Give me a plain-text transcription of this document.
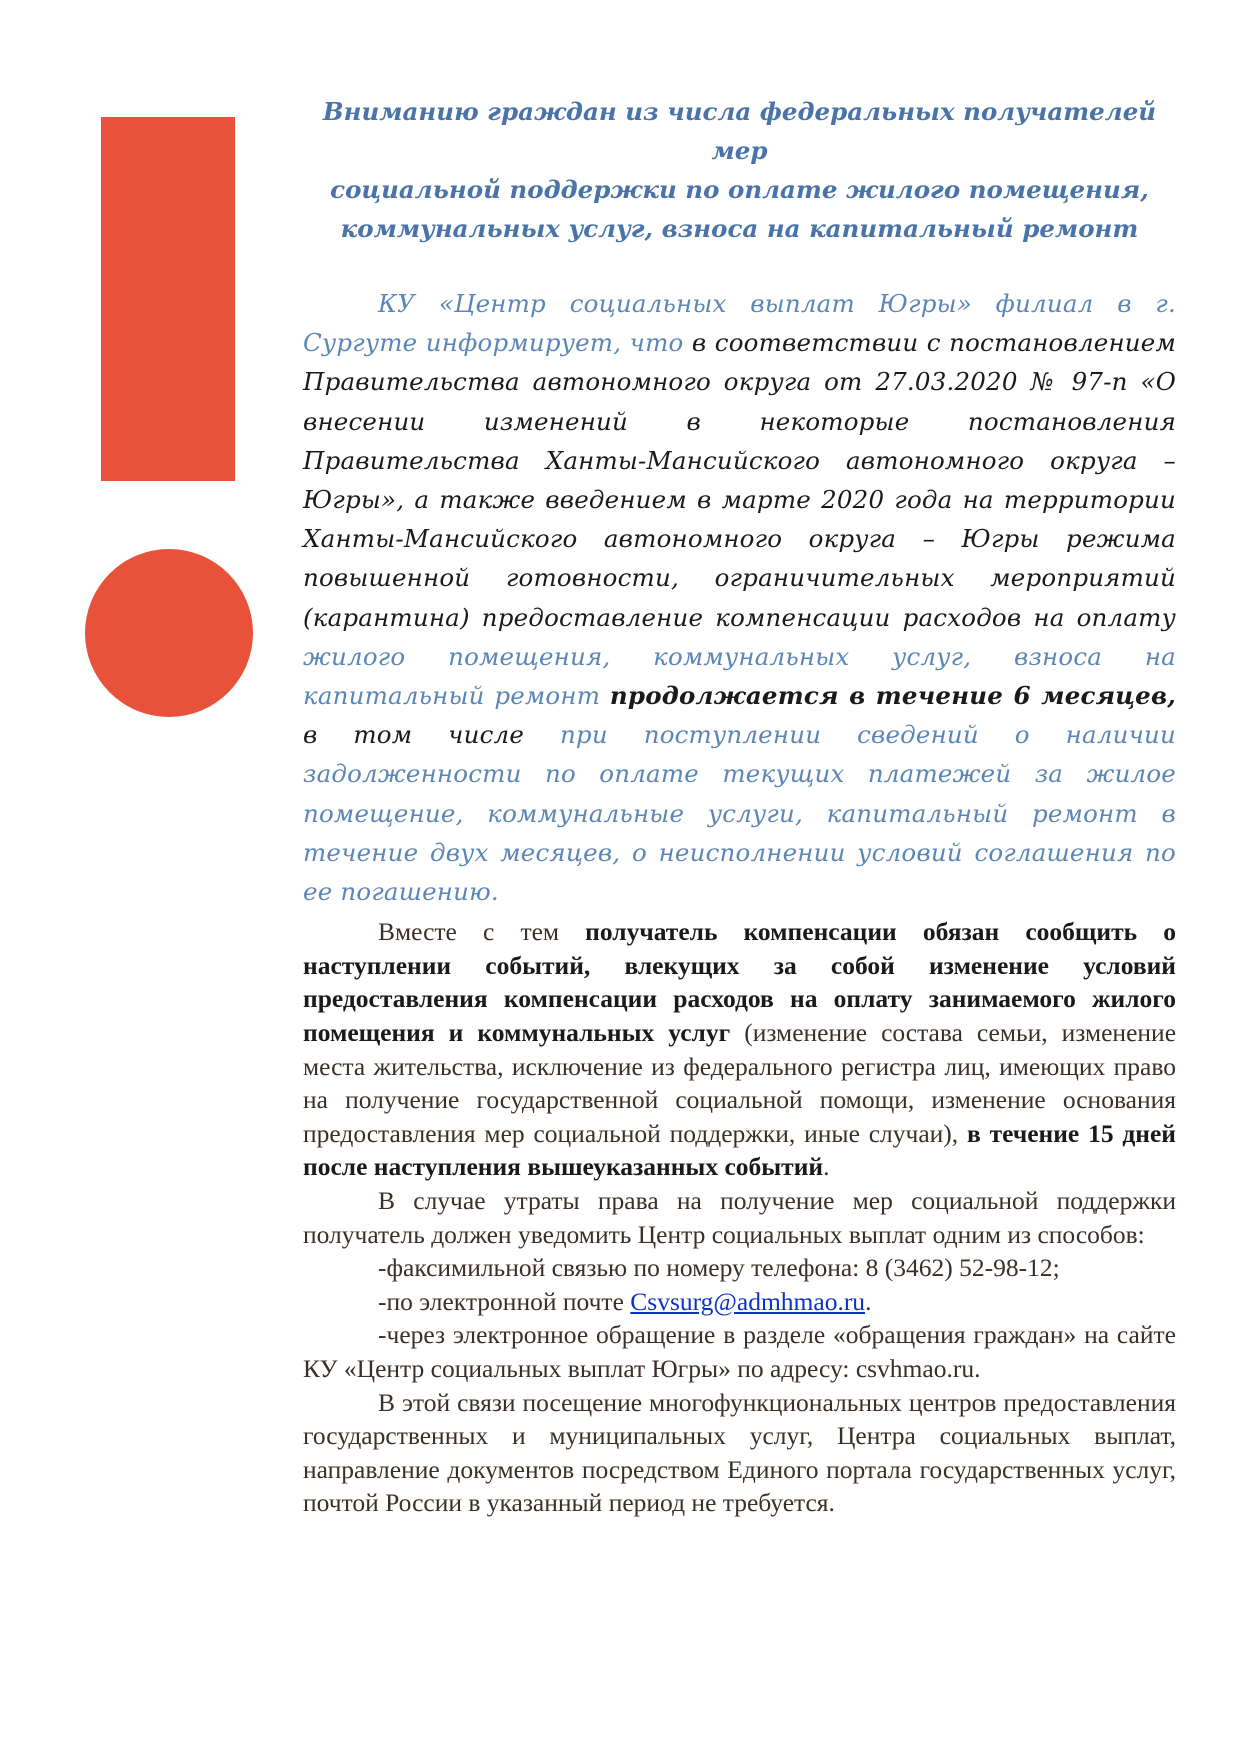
Вниманию граждан из числа федеральных получателей мер
социальной поддержки по оплате жилого помещения,
коммунальных услуг, взноса на капитальный ремонт

КУ «Центр социальных выплат Югры» филиал в г. Сургуте информирует, что в соответствии с постановлением Правительства автономного округа от 27.03.2020 № 97-п «О внесении изменений в некоторые постановления Правительства Ханты-Мансийского автономного округа – Югры», а также введением в марте 2020 года на территории Ханты-Мансийского автономного округа – Югры режима повышенной готовности, ограничительных мероприятий (карантина) предоставление компенсации расходов на оплату жилого помещения, коммунальных услуг, взноса на капитальный ремонт продолжается в течение 6 месяцев, в том числе при поступлении сведений о наличии задолженности по оплате текущих платежей за жилое помещение, коммунальные услуги, капитальный ремонт в течение двух месяцев, о неисполнении условий соглашения по ее погашению.

Вместе с тем получатель компенсации обязан сообщить о наступлении событий, влекущих за собой изменение условий предоставления компенсации расходов на оплату занимаемого жилого помещения и коммунальных услуг (изменение состава семьи, изменение места жительства, исключение из федерального регистра лиц, имеющих право на получение государственной социальной помощи, изменение основания предоставления мер социальной поддержки, иные случаи), в течение 15 дней после наступления вышеуказанных событий.

В случае утраты права на получение мер социальной поддержки получатель должен уведомить Центр социальных выплат одним из способов:

-факсимильной связью по номеру телефона: 8 (3462) 52-98-12;

-по электронной почте Csvsurg@admhmao.ru.

-через электронное обращение в разделе «обращения граждан» на сайте КУ «Центр социальных выплат Югры» по адресу: csvhmao.ru.

В этой связи посещение многофункциональных центров предоставления государственных и муниципальных услуг, Центра социальных выплат, направление документов посредством Единого портала государственных услуг, почтой России в указанный период не требуется.
